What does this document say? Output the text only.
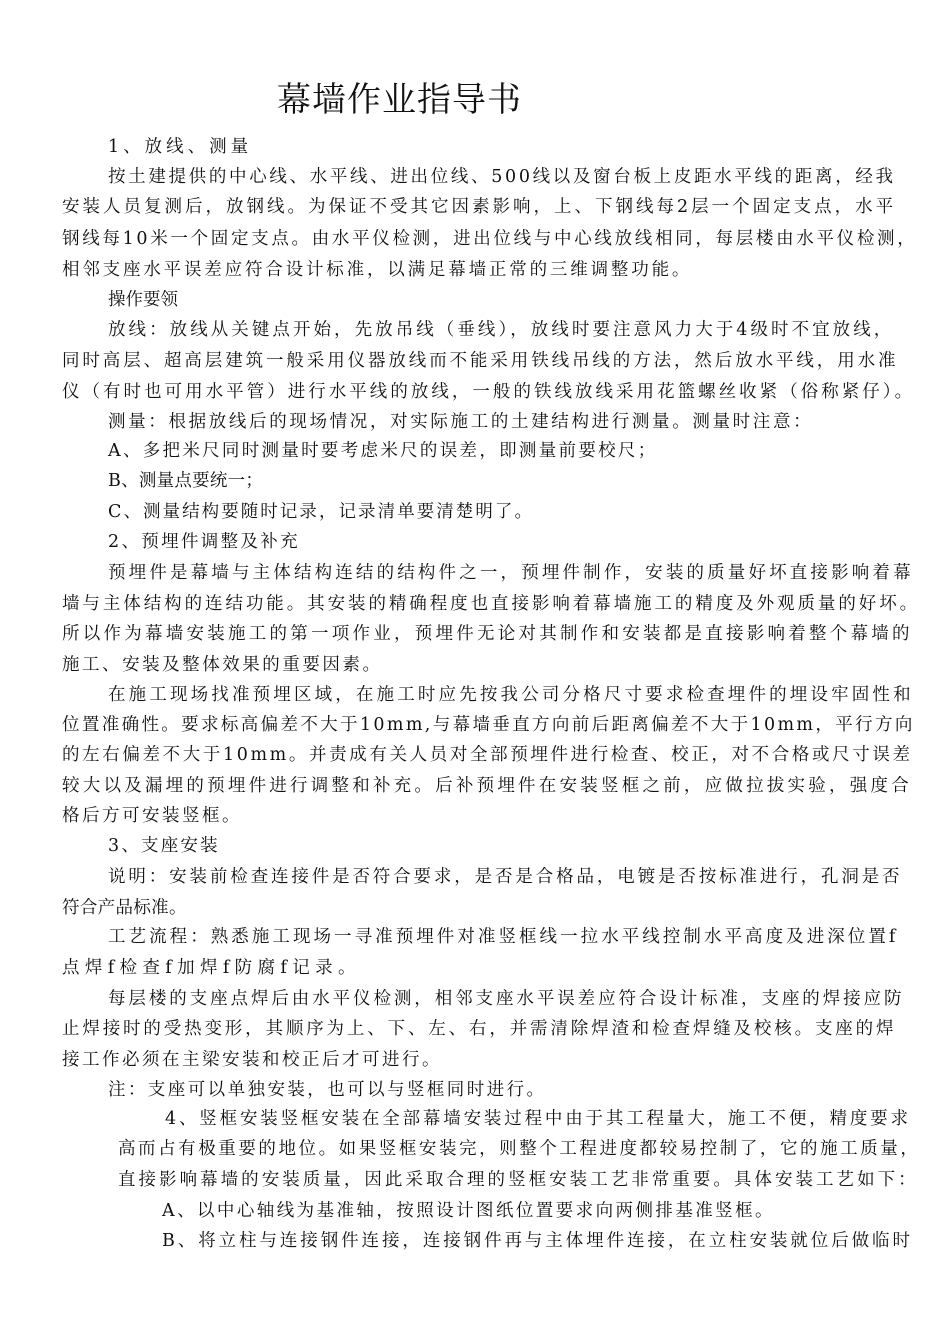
幕墙作业指导书
1、放线、测量
按土建提供的中心线、水平线、进出位线、500线以及窗台板上皮距水平线的距离，经我
安装人员复测后，放钢线。为保证不受其它因素影响，上、下钢线每2层一个固定支点，水平
钢线每10米一个固定支点。由水平仪检测，进出位线与中心线放线相同，每层楼由水平仪检测，
相邻支座水平误差应符合设计标准，以满足幕墙正常的三维调整功能。
操作要领
放线：放线从关键点开始，先放吊线（垂线），放线时要注意风力大于4级时不宜放线，
同时高层、超高层建筑一般采用仪器放线而不能采用铁线吊线的方法，然后放水平线，用水准
仪（有时也可用水平管）进行水平线的放线，一般的铁线放线采用花篮螺丝收紧（俗称紧仔）。
测量：根据放线后的现场情况，对实际施工的土建结构进行测量。测量时注意：
A、多把米尺同时测量时要考虑米尺的误差，即测量前要校尺；
B、测量点要统一；
C、测量结构要随时记录，记录清单要清楚明了。
2、预埋件调整及补充
预埋件是幕墙与主体结构连结的结构件之一，预埋件制作，安装的质量好坏直接影响着幕
墙与主体结构的连结功能。其安装的精确程度也直接影响着幕墙施工的精度及外观质量的好坏。
所以作为幕墙安装施工的第一项作业，预埋件无论对其制作和安装都是直接影响着整个幕墙的
施工、安装及整体效果的重要因素。
在施工现场找准预埋区域，在施工时应先按我公司分格尺寸要求检查埋件的埋设牢固性和
位置准确性。要求标高偏差不大于10mm,与幕墙垂直方向前后距离偏差不大于10mm，平行方向
的左右偏差不大于10mm。并责成有关人员对全部预埋件进行检查、校正，对不合格或尺寸误差
较大以及漏埋的预埋件进行调整和补充。后补预埋件在安装竖框之前，应做拉拔实验，强度合
格后方可安装竖框。
3、支座安装
说明：安装前检查连接件是否符合要求，是否是合格品，电镀是否按标准进行，孔洞是否
符合产品标准。
工艺流程：熟悉施工现场一寻准预埋件对准竖框线一拉水平线控制水平高度及进深位置f
点焊f检查f加焊f防腐f记录。
每层楼的支座点焊后由水平仪检测，相邻支座水平误差应符合设计标准，支座的焊接应防
止焊接时的受热变形，其顺序为上、下、左、右，并需清除焊渣和检查焊缝及校核。支座的焊
接工作必须在主梁安装和校正后才可进行。
注：支座可以单独安装，也可以与竖框同时进行。
4、竖框安装竖框安装在全部幕墙安装过程中由于其工程量大，施工不便，精度要求
高而占有极重要的地位。如果竖框安装完，则整个工程进度都较易控制了，它的施工质量，
直接影响幕墙的安装质量，因此采取合理的竖框安装工艺非常重要。具体安装工艺如下：
A、以中心轴线为基准轴，按照设计图纸位置要求向两侧排基准竖框。
B、将立柱与连接钢件连接，连接钢件再与主体埋件连接，在立柱安装就位后做临时
